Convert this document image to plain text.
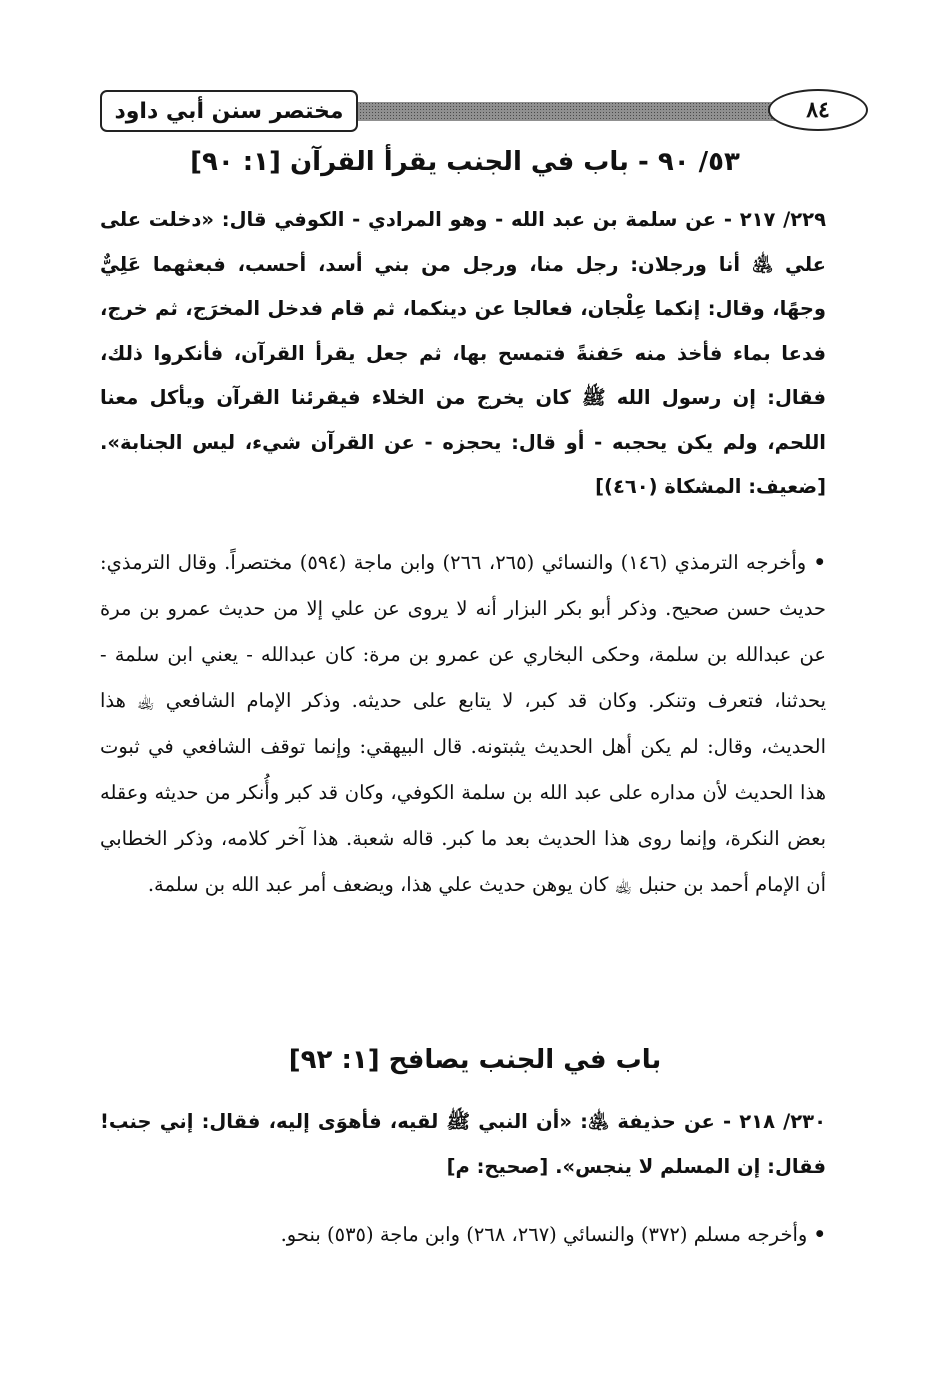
مختصر سنن أبي داود	٨٤
٥٣/ ٩٠ - باب في الجنب يقرأ القرآن [١: ٩٠]
٢٢٩/ ٢١٧ - عن سلمة بن عبد الله - وهو المرادي - الكوفي قال: «دخلت على علي ﵁ أنا ورجلان: رجل منا، ورجل من بني أسد، أحسب، فبعثهما عَلِيٌّ وجهًا، وقال: إنكما عِلْجان، فعالجا عن دينكما، ثم قام فدخل المخرَج، ثم خرج، فدعا بماء فأخذ منه حَفنةً فتمسح بها، ثم جعل يقرأ القرآن، فأنكروا ذلك، فقال: إن رسول الله ﷺ كان يخرج من الخلاء فيقرئنا القرآن ويأكل معنا اللحم، ولم يكن يحجبه - أو قال: يحجزه - عن القرآن شيء، ليس الجنابة». [ضعيف: المشكاة (٤٦٠)]
• وأخرجه الترمذي (١٤٦) والنسائي (٢٦٥، ٢٦٦) وابن ماجة (٥٩٤) مختصراً. وقال الترمذي: حديث حسن صحيح. وذكر أبو بكر البزار أنه لا يروى عن علي إلا من حديث عمرو بن مرة عن عبدالله بن سلمة، وحكى البخاري عن عمرو بن مرة: كان عبدالله - يعني ابن سلمة - يحدثنا، فتعرف وتنكر. وكان قد كبر، لا يتابع على حديثه. وذكر الإمام الشافعي ﵀ هذا الحديث، وقال: لم يكن أهل الحديث يثبتونه. قال البيهقي: وإنما توقف الشافعي في ثبوت هذا الحديث لأن مداره على عبد الله بن سلمة الكوفي، وكان قد كبر وأُنكر من حديثه وعقله بعض النكرة، وإنما روى هذا الحديث بعد ما كبر. قاله شعبة. هذا آخر كلامه، وذكر الخطابي أن الإمام أحمد بن حنبل ﵀ كان يوهن حديث علي هذا، ويضعف أمر عبد الله بن سلمة.
باب في الجنب يصافح [١: ٩٢]
٢٣٠/ ٢١٨ - عن حذيفة ﵁: «أن النبي ﷺ لقيه، فأهوَى إليه، فقال: إني جنب! فقال: إن المسلم لا ينجس». [صحيح: م]
• وأخرجه مسلم (٣٧٢) والنسائي (٢٦٧، ٢٦٨) وابن ماجة (٥٣٥) بنحو.
